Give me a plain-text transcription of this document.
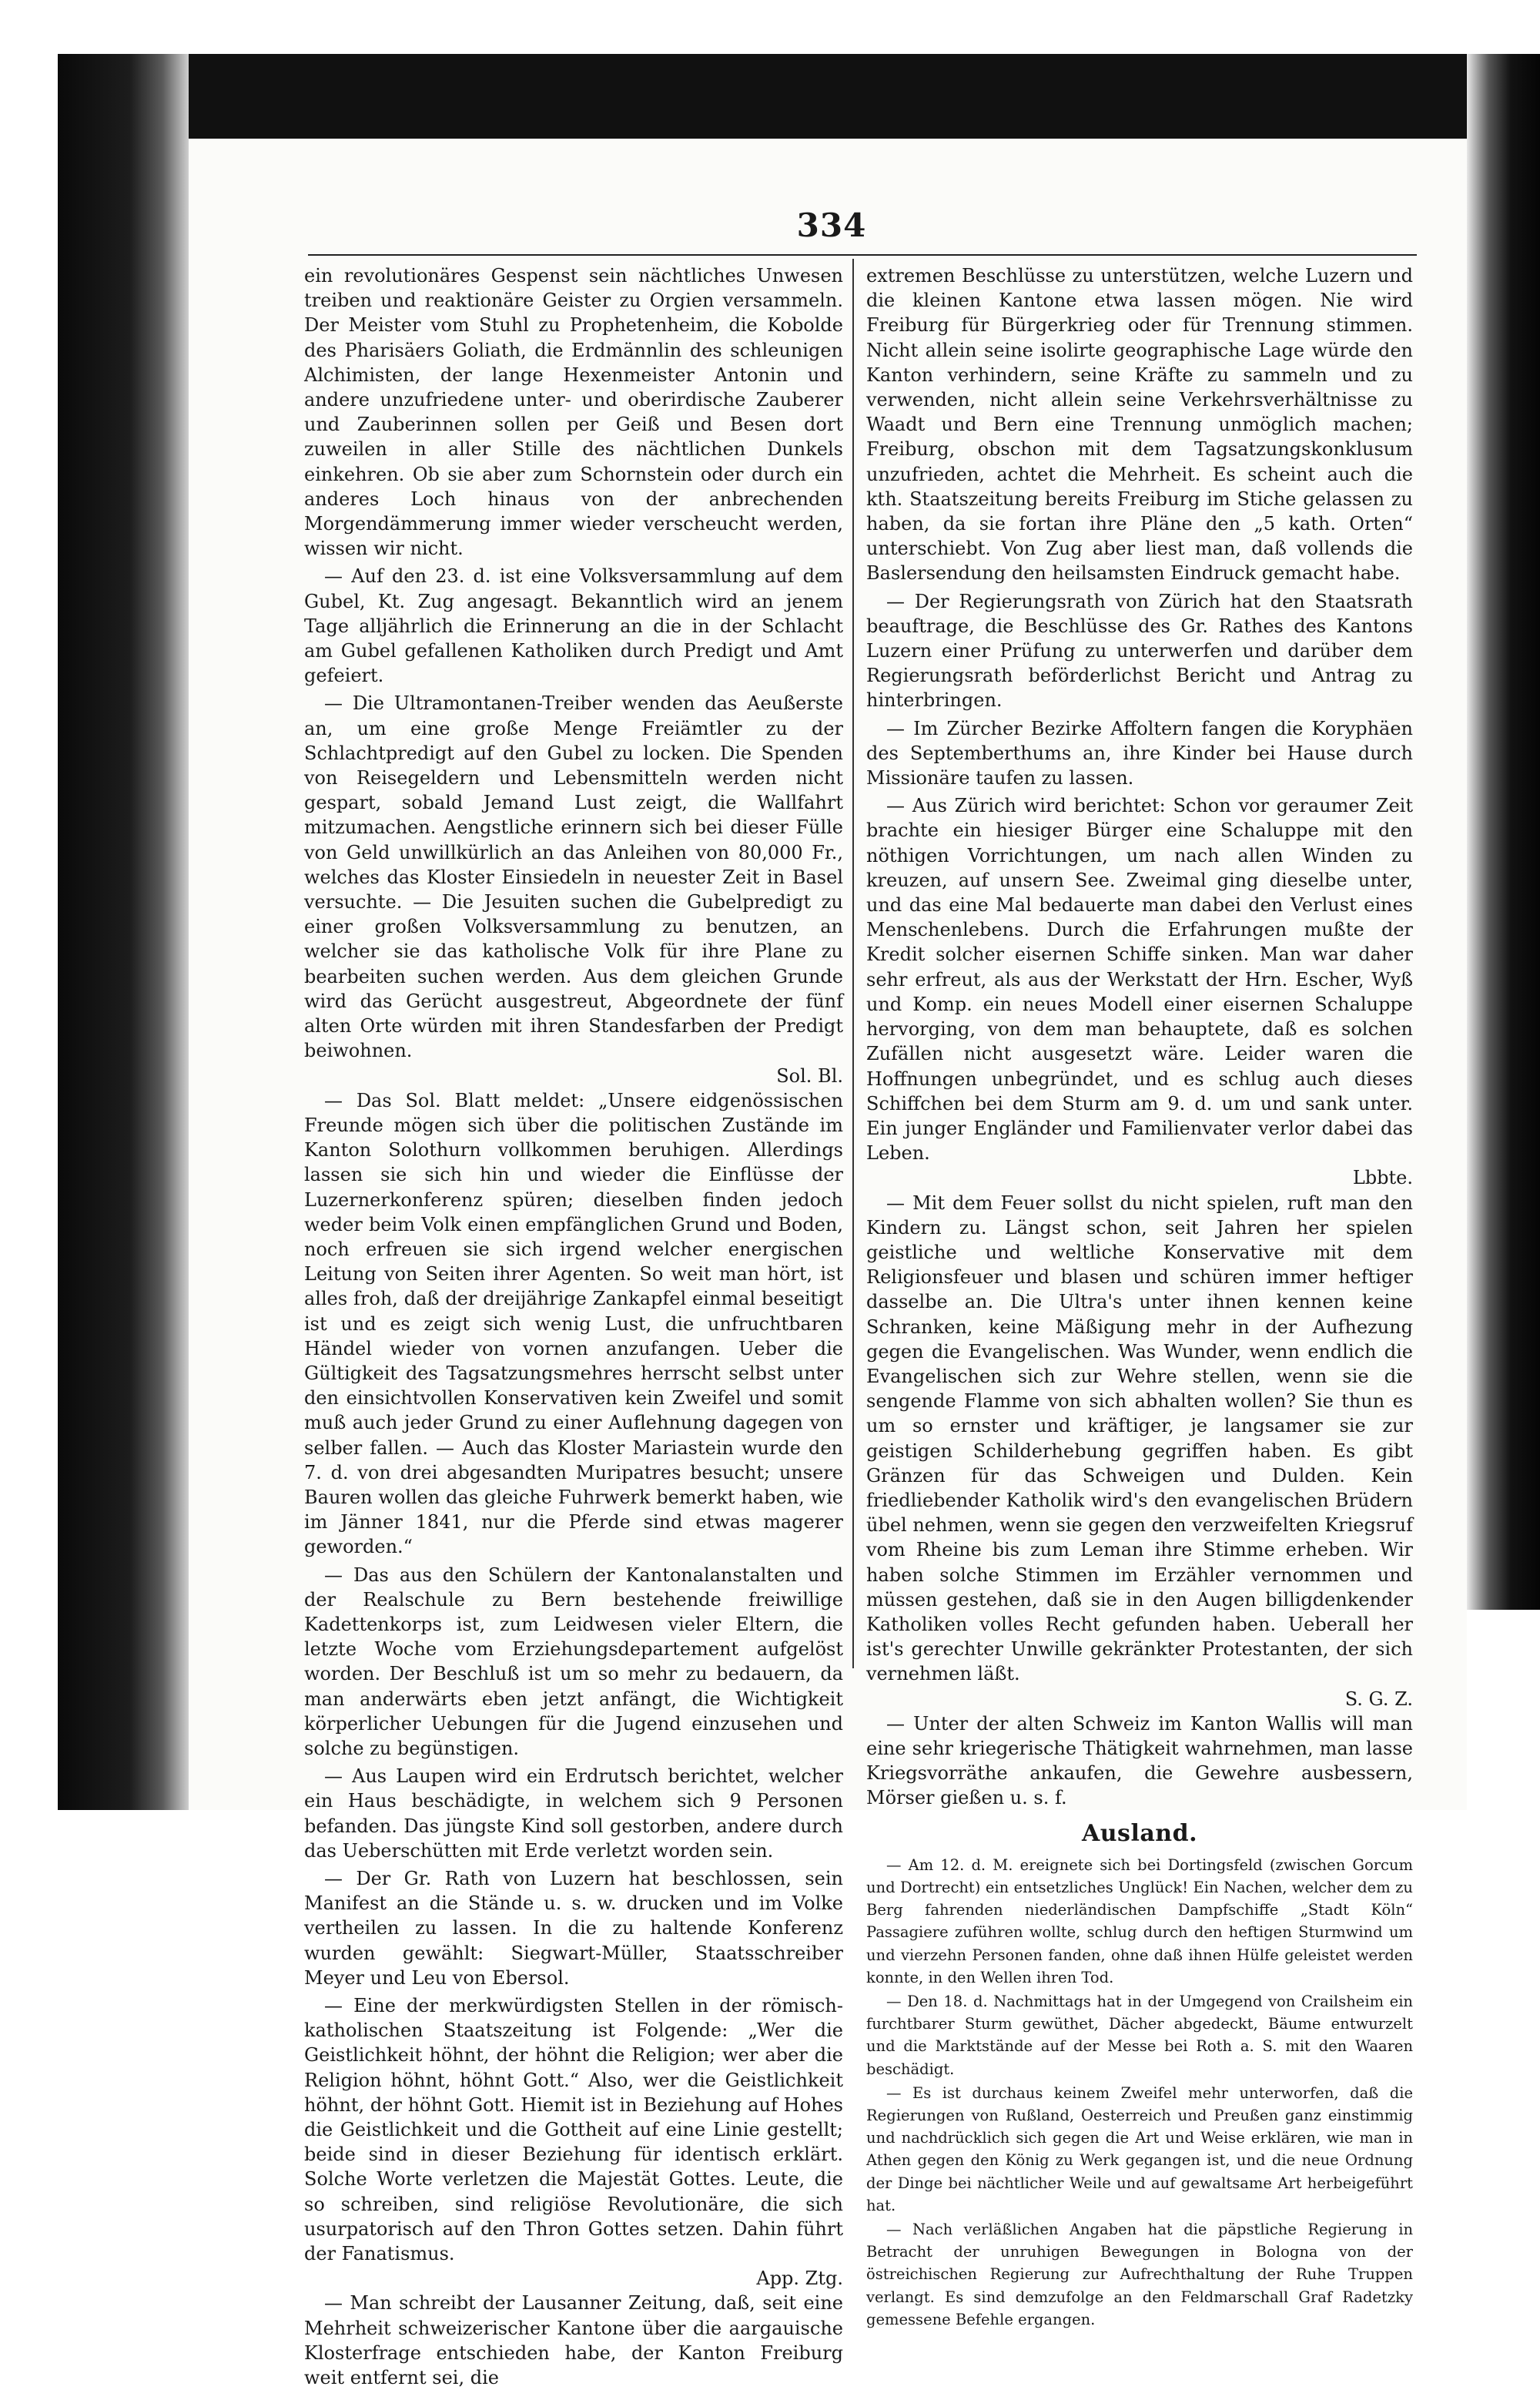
334

ein revolutionäres Gespenst sein nächtliches Unwesen treiben und reaktionäre Geister zu Orgien versammeln. Der Meister vom Stuhl zu Prophetenheim, die Kobolde des Pharisäers Goliath, die Erdmännlin des schleunigen Alchimisten, der lange Hexenmeister Antonin und andere unzufriedene unter- und oberirdische Zauberer und Zauberinnen sollen per Geiß und Besen dort zuweilen in aller Stille des nächtlichen Dunkels einkehren. Ob sie aber zum Schornstein oder durch ein anderes Loch hinaus von der anbrechenden Morgendämmerung immer wieder verscheucht werden, wissen wir nicht.

— Auf den 23. d. ist eine Volksversammlung auf dem Gubel, Kt. Zug angesagt. Bekanntlich wird an jenem Tage alljährlich die Erinnerung an die in der Schlacht am Gubel gefallenen Katholiken durch Predigt und Amt gefeiert.

— Die Ultramontanen-Treiber wenden das Aeußerste an, um eine große Menge Freiämtler zu der Schlachtpredigt auf den Gubel zu locken. Die Spenden von Reisegeldern und Lebensmitteln werden nicht gespart, sobald Jemand Lust zeigt, die Wallfahrt mitzumachen. Aengstliche erinnern sich bei dieser Fülle von Geld unwillkürlich an das Anleihen von 80,000 Fr., welches das Kloster Einsiedeln in neuester Zeit in Basel versuchte. — Die Jesuiten suchen die Gubelpredigt zu einer großen Volksversammlung zu benutzen, an welcher sie das katholische Volk für ihre Plane zu bearbeiten suchen werden. Aus dem gleichen Grunde wird das Gerücht ausgestreut, Abgeordnete der fünf alten Orte würden mit ihren Standesfarben der Predigt beiwohnen.

Sol. Bl.

— Das Sol. Blatt meldet: „Unsere eidgenössischen Freunde mögen sich über die politischen Zustände im Kanton Solothurn vollkommen beruhigen. Allerdings lassen sie sich hin und wieder die Einflüsse der Luzernerkonferenz spüren; dieselben finden jedoch weder beim Volk einen empfänglichen Grund und Boden, noch erfreuen sie sich irgend welcher energischen Leitung von Seiten ihrer Agenten. So weit man hört, ist alles froh, daß der dreijährige Zankapfel einmal beseitigt ist und es zeigt sich wenig Lust, die unfruchtbaren Händel wieder von vornen anzufangen. Ueber die Gültigkeit des Tagsatzungsmehres herrscht selbst unter den einsichtvollen Konservativen kein Zweifel und somit muß auch jeder Grund zu einer Auflehnung dagegen von selber fallen. — Auch das Kloster Mariastein wurde den 7. d. von drei abgesandten Muripatres besucht; unsere Bauren wollen das gleiche Fuhrwerk bemerkt haben, wie im Jänner 1841, nur die Pferde sind etwas magerer geworden.“

— Das aus den Schülern der Kantonalanstalten und der Realschule zu Bern bestehende freiwillige Kadettenkorps ist, zum Leidwesen vieler Eltern, die letzte Woche vom Erziehungsdepartement aufgelöst worden. Der Beschluß ist um so mehr zu bedauern, da man anderwärts eben jetzt anfängt, die Wichtigkeit körperlicher Uebungen für die Jugend einzusehen und solche zu begünstigen.

— Aus Laupen wird ein Erdrutsch berichtet, welcher ein Haus beschädigte, in welchem sich 9 Personen befanden. Das jüngste Kind soll gestorben, andere durch das Ueberschütten mit Erde verletzt worden sein.

— Der Gr. Rath von Luzern hat beschlossen, sein Manifest an die Stände u. s. w. drucken und im Volke vertheilen zu lassen. In die zu haltende Konferenz wurden gewählt: Siegwart-Müller, Staatsschreiber Meyer und Leu von Ebersol.

— Eine der merkwürdigsten Stellen in der römisch-katholischen Staatszeitung ist Folgende: „Wer die Geistlichkeit höhnt, der höhnt die Religion; wer aber die Religion höhnt, höhnt Gott.“ Also, wer die Geistlichkeit höhnt, der höhnt Gott. Hiemit ist in Beziehung auf Hohes die Geistlichkeit und die Gottheit auf eine Linie gestellt; beide sind in dieser Beziehung für identisch erklärt. Solche Worte verletzen die Majestät Gottes. Leute, die so schreiben, sind religiöse Revolutionäre, die sich usurpatorisch auf den Thron Gottes setzen. Dahin führt der Fanatismus.

App. Ztg.

— Man schreibt der Lausanner Zeitung, daß, seit eine Mehrheit schweizerischer Kantone über die aargauische Klosterfrage entschieden habe, der Kanton Freiburg weit entfernt sei, die

extremen Beschlüsse zu unterstützen, welche Luzern und die kleinen Kantone etwa lassen mögen. Nie wird Freiburg für Bürgerkrieg oder für Trennung stimmen. Nicht allein seine isolirte geographische Lage würde den Kanton verhindern, seine Kräfte zu sammeln und zu verwenden, nicht allein seine Verkehrsverhältnisse zu Waadt und Bern eine Trennung unmöglich machen; Freiburg, obschon mit dem Tagsatzungskonklusum unzufrieden, achtet die Mehrheit. Es scheint auch die kth. Staatszeitung bereits Freiburg im Stiche gelassen zu haben, da sie fortan ihre Pläne den „5 kath. Orten“ unterschiebt. Von Zug aber liest man, daß vollends die Baslersendung den heilsamsten Eindruck gemacht habe.

— Der Regierungsrath von Zürich hat den Staatsrath beauftrage, die Beschlüsse des Gr. Rathes des Kantons Luzern einer Prüfung zu unterwerfen und darüber dem Regierungsrath beförderlichst Bericht und Antrag zu hinterbringen.

— Im Zürcher Bezirke Affoltern fangen die Koryphäen des Septemberthums an, ihre Kinder bei Hause durch Missionäre taufen zu lassen.

— Aus Zürich wird berichtet: Schon vor geraumer Zeit brachte ein hiesiger Bürger eine Schaluppe mit den nöthigen Vorrichtungen, um nach allen Winden zu kreuzen, auf unsern See. Zweimal ging dieselbe unter, und das eine Mal bedauerte man dabei den Verlust eines Menschenlebens. Durch die Erfahrungen mußte der Kredit solcher eisernen Schiffe sinken. Man war daher sehr erfreut, als aus der Werkstatt der Hrn. Escher, Wyß und Komp. ein neues Modell einer eisernen Schaluppe hervorging, von dem man behauptete, daß es solchen Zufällen nicht ausgesetzt wäre. Leider waren die Hoffnungen unbegründet, und es schlug auch dieses Schiffchen bei dem Sturm am 9. d. um und sank unter. Ein junger Engländer und Familienvater verlor dabei das Leben.

Lbbte.

— Mit dem Feuer sollst du nicht spielen, ruft man den Kindern zu. Längst schon, seit Jahren her spielen geistliche und weltliche Konservative mit dem Religionsfeuer und blasen und schüren immer heftiger dasselbe an. Die Ultra's unter ihnen kennen keine Schranken, keine Mäßigung mehr in der Aufhezung gegen die Evangelischen. Was Wunder, wenn endlich die Evangelischen sich zur Wehre stellen, wenn sie die sengende Flamme von sich abhalten wollen? Sie thun es um so ernster und kräftiger, je langsamer sie zur geistigen Schilderhebung gegriffen haben. Es gibt Gränzen für das Schweigen und Dulden. Kein friedliebender Katholik wird's den evangelischen Brüdern übel nehmen, wenn sie gegen den verzweifelten Kriegsruf vom Rheine bis zum Leman ihre Stimme erheben. Wir haben solche Stimmen im Erzähler vernommen und müssen gestehen, daß sie in den Augen billigdenkender Katholiken volles Recht gefunden haben. Ueberall her ist's gerechter Unwille gekränkter Protestanten, der sich vernehmen läßt.

S. G. Z.

— Unter der alten Schweiz im Kanton Wallis will man eine sehr kriegerische Thätigkeit wahrnehmen, man lasse Kriegsvorräthe ankaufen, die Gewehre ausbessern, Mörser gießen u. s. f.

Ausland.

— Am 12. d. M. ereignete sich bei Dortingsfeld (zwischen Gorcum und Dortrecht) ein entsetzliches Unglück! Ein Nachen, welcher dem zu Berg fahrenden niederländischen Dampfschiffe „Stadt Köln“ Passagiere zuführen wollte, schlug durch den heftigen Sturmwind um und vierzehn Personen fanden, ohne daß ihnen Hülfe geleistet werden konnte, in den Wellen ihren Tod.

— Den 18. d. Nachmittags hat in der Umgegend von Crailsheim ein furchtbarer Sturm gewüthet, Dächer abgedeckt, Bäume entwurzelt und die Marktstände auf der Messe bei Roth a. S. mit den Waaren beschädigt.

— Es ist durchaus keinem Zweifel mehr unterworfen, daß die Regierungen von Rußland, Oesterreich und Preußen ganz einstimmig und nachdrücklich sich gegen die Art und Weise erklären, wie man in Athen gegen den König zu Werk gegangen ist, und die neue Ordnung der Dinge bei nächtlicher Weile und auf gewaltsame Art herbeigeführt hat.

— Nach verläßlichen Angaben hat die päpstliche Regierung in Betracht der unruhigen Bewegungen in Bologna von der östreichischen Regierung zur Aufrechthaltung der Ruhe Truppen verlangt. Es sind demzufolge an den Feldmarschall Graf Radetzky gemessene Befehle ergangen.
